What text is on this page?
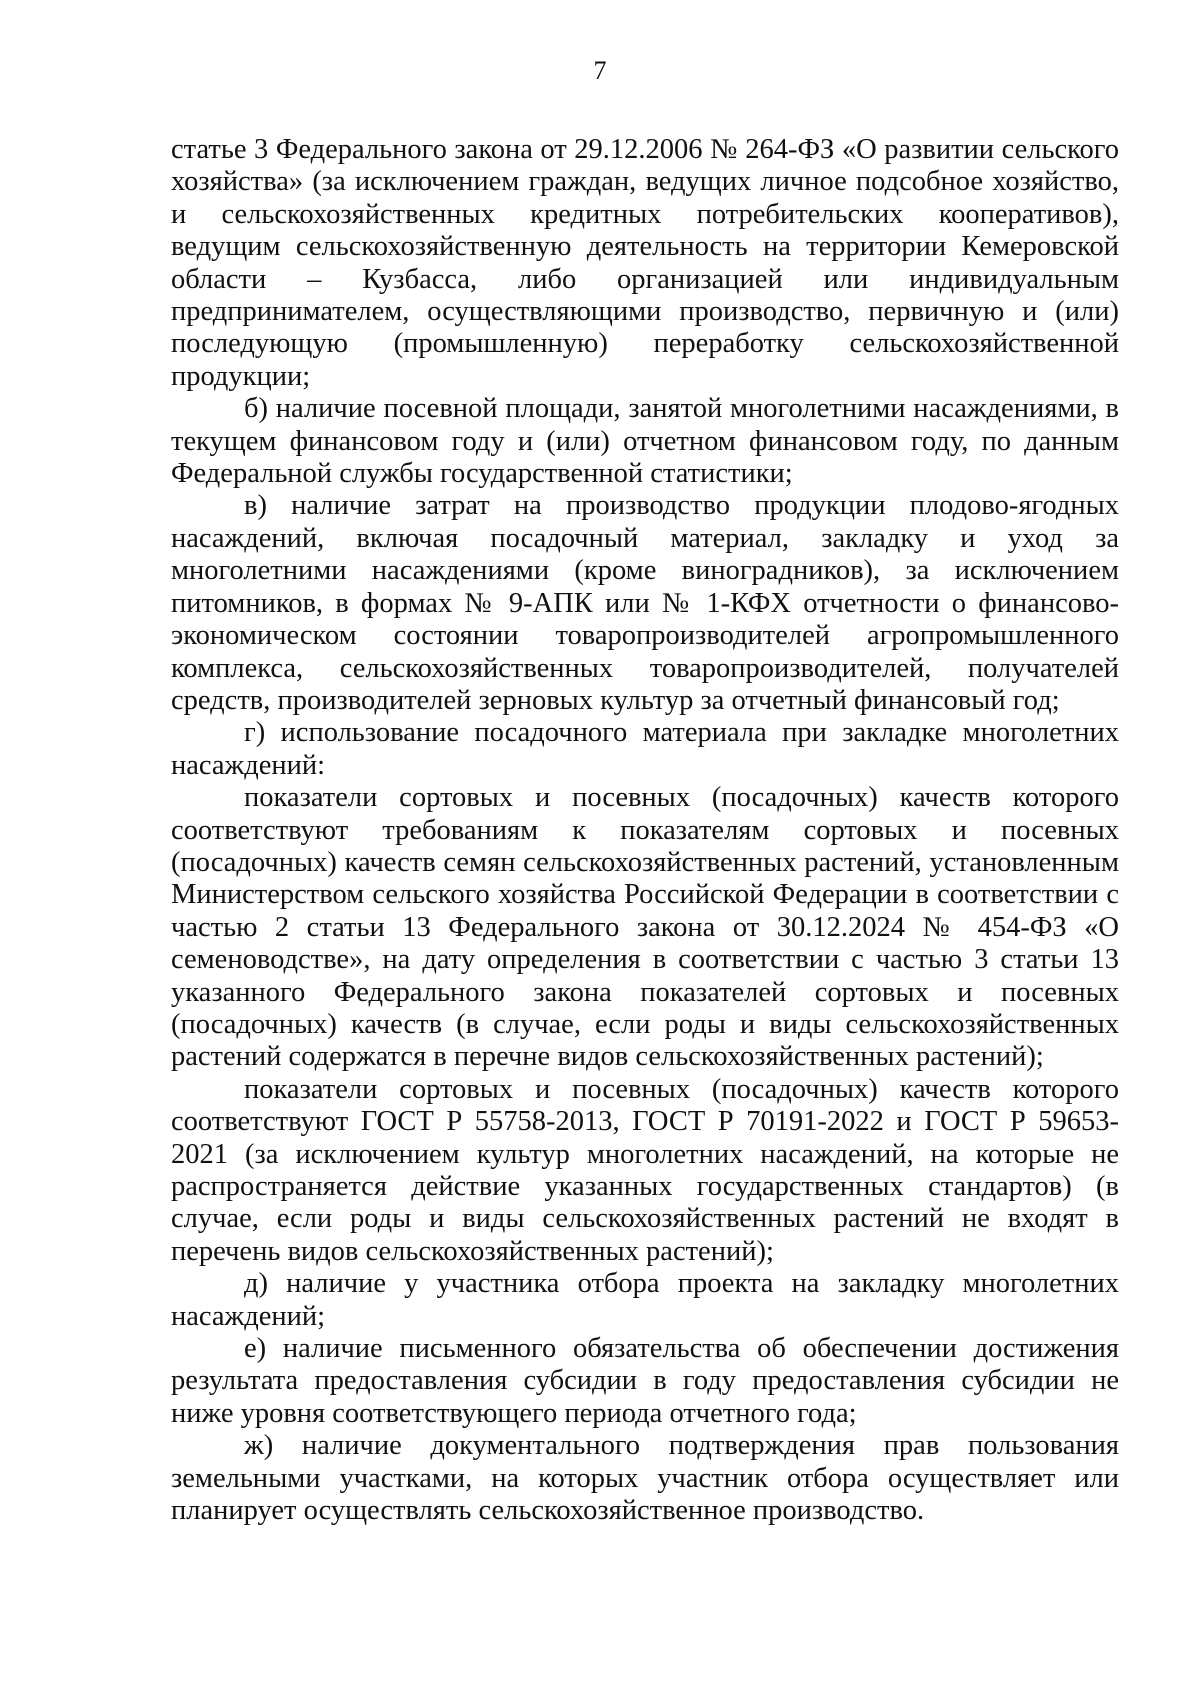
7

статье 3 Федерального закона от 29.12.2006 № 264-ФЗ «О развитии сельского хозяйства» (за исключением граждан, ведущих личное подсобное хозяйство, и сельскохозяйственных кредитных потребительских кооперативов), ведущим сельскохозяйственную деятельность на территории Кемеровской области – Кузбасса, либо организацией или индивидуальным предпринимателем, осуществляющими производство, первичную и (или) последующую (промышленную) переработку сельскохозяйственной продукции;

б) наличие посевной площади, занятой многолетними насаждениями, в текущем финансовом году и (или) отчетном финансовом году, по данным Федеральной службы государственной статистики;

в) наличие затрат на производство продукции плодово-ягодных насаждений, включая посадочный материал, закладку и уход за многолетними насаждениями (кроме виноградников), за исключением питомников, в формах № 9-АПК или № 1-КФХ отчетности о финансово-экономическом состоянии товаропроизводителей агропромышленного комплекса, сельскохозяйственных товаропроизводителей, получателей средств, производителей зерновых культур за отчетный финансовый год;

г) использование посадочного материала при закладке многолетних насаждений:

показатели сортовых и посевных (посадочных) качеств которого соответствуют требованиям к показателям сортовых и посевных (посадочных) качеств семян сельскохозяйственных растений, установленным Министерством сельского хозяйства Российской Федерации в соответствии с частью 2 статьи 13 Федерального закона от 30.12.2024 № 454-ФЗ «О семеноводстве», на дату определения в соответствии с частью 3 статьи 13 указанного Федерального закона показателей сортовых и посевных (посадочных) качеств (в случае, если роды и виды сельскохозяйственных растений содержатся в перечне видов сельскохозяйственных растений);

показатели сортовых и посевных (посадочных) качеств которого соответствуют ГОСТ Р 55758-2013, ГОСТ Р 70191-2022 и ГОСТ Р 59653-2021 (за исключением культур многолетних насаждений, на которые не распространяется действие указанных государственных стандартов) (в случае, если роды и виды сельскохозяйственных растений не входят в перечень видов сельскохозяйственных растений);

д) наличие у участника отбора проекта на закладку многолетних насаждений;

е) наличие письменного обязательства об обеспечении достижения результата предоставления субсидии в году предоставления субсидии не ниже уровня соответствующего периода отчетного года;

ж) наличие документального подтверждения прав пользования земельными участками, на которых участник отбора осуществляет или планирует осуществлять сельскохозяйственное производство.
